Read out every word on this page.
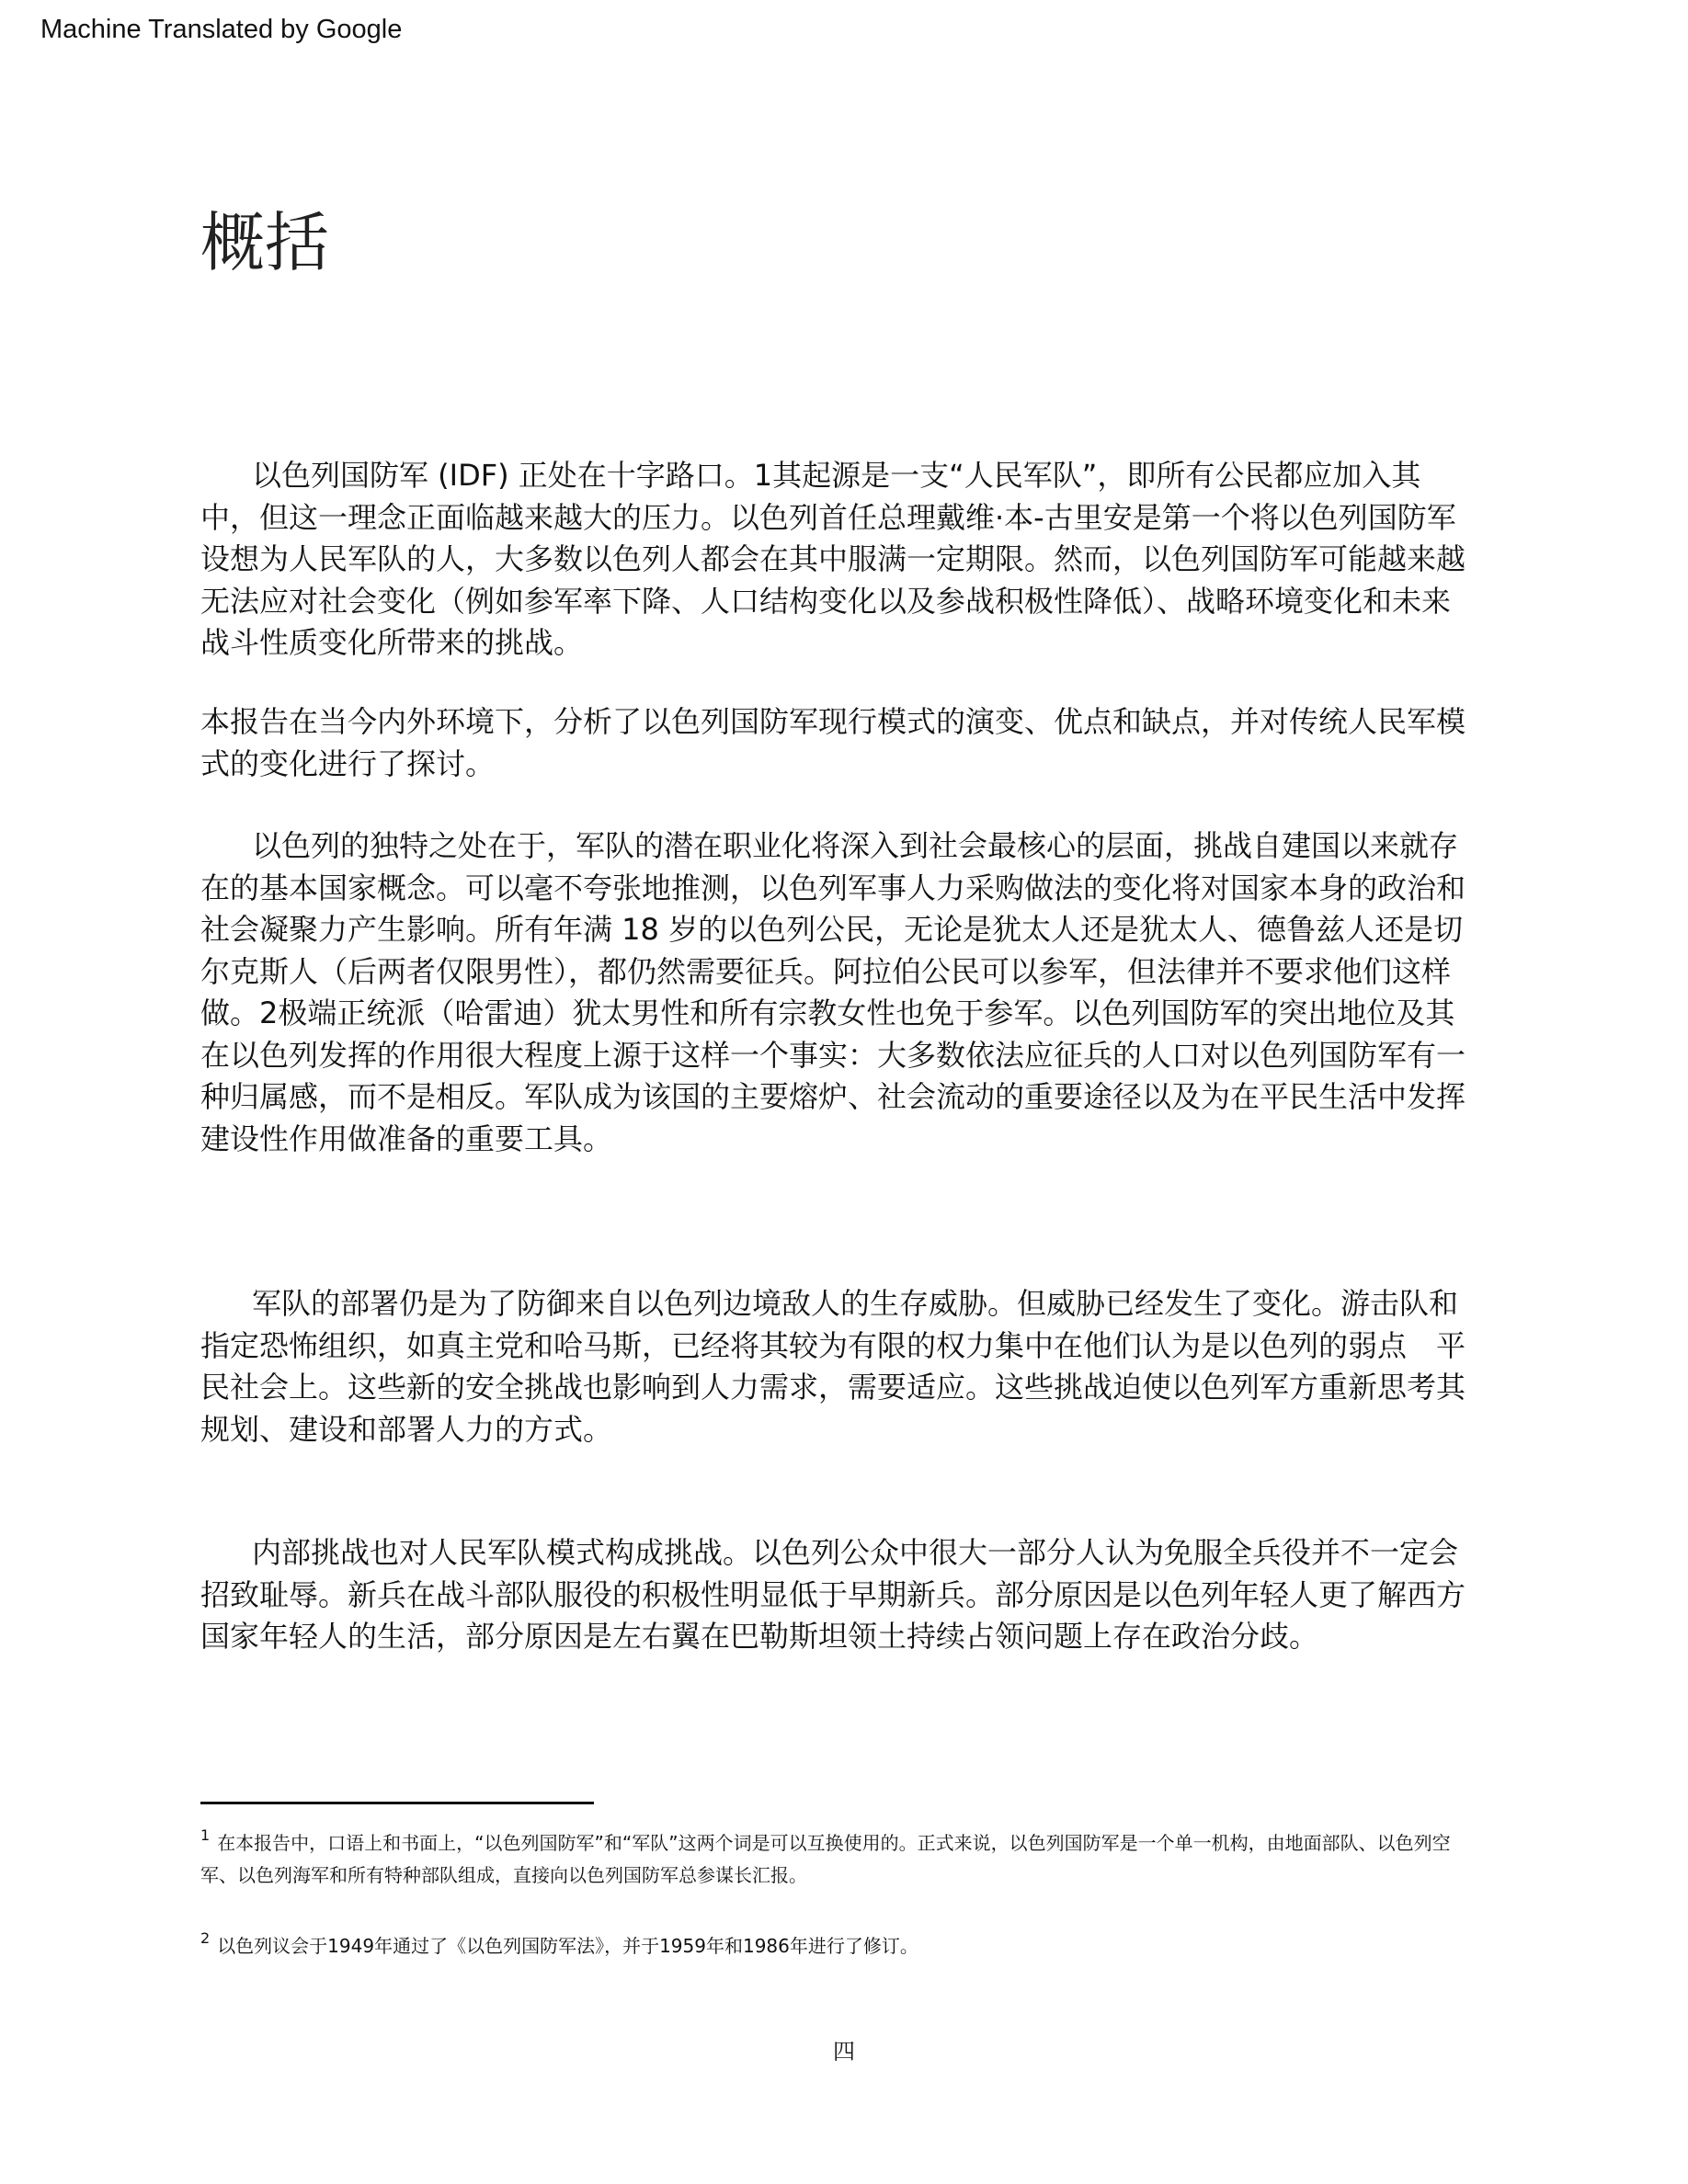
Machine Translated by Google
概括

以色列国防军 (IDF) 正处在十字路口。1其起源是一支“人民军队”，即所有公民都应加入其中，但这一理念正面临越来越大的压力。以色列首任总理戴维·本-古里安是第一个将以色列国防军设想为人民军队的人，大多数以色列人都会在其中服满一定期限。然而，以色列国防军可能越来越无法应对社会变化（例如参军率下降、人口结构变化以及参战积极性降低）、战略环境变化和未来战斗性质变化所带来的挑战。

本报告在当今内外环境下，分析了以色列国防军现行模式的演变、优点和缺点，并对传统人民军模式的变化进行了探讨。

以色列的独特之处在于，军队的潜在职业化将深入到社会最核心的层面，挑战自建国以来就存在的基本国家概念。可以毫不夸张地推测，以色列军事人力采购做法的变化将对国家本身的政治和社会凝聚力产生影响。所有年满 18 岁的以色列公民，无论是犹太人还是犹太人、德鲁兹人还是切尔克斯人（后两者仅限男性），都仍然需要征兵。阿拉伯公民可以参军，但法律并不要求他们这样做。2极端正统派（哈雷迪）犹太男性和所有宗教女性也免于参军。以色列国防军的突出地位及其在以色列发挥的作用很大程度上源于这样一个事实：大多数依法应征兵的人口对以色列国防军有一种归属感，而不是相反。军队成为该国的主要熔炉、社会流动的重要途径以及为在平民生活中发挥建设性作用做准备的重要工具。

军队的部署仍是为了防御来自以色列边境敌人的生存威胁。但威胁已经发生了变化。游击队和指定恐怖组织，如真主党和哈马斯，已经将其较为有限的权力集中在他们认为是以色列的弱点　平民社会上。这些新的安全挑战也影响到人力需求，需要适应。这些挑战迫使以色列军方重新思考其规划、建设和部署人力的方式。

内部挑战也对人民军队模式构成挑战。以色列公众中很大一部分人认为免服全兵役并不一定会招致耻辱。新兵在战斗部队服役的积极性明显低于早期新兵。部分原因是以色列年轻人更了解西方国家年轻人的生活，部分原因是左右翼在巴勒斯坦领土持续占领问题上存在政治分歧。

$^1$ 在本报告中，口语上和书面上，“以色列国防军”和“军队”这两个词是可以互换使用的。正式来说，以色列国防军是一个单一机构，由地面部队、以色列空军、以色列海军和所有特种部队组成，直接向以色列国防军总参谋长汇报。

$^2$ 以色列议会于1949年通过了《以色列国防军法》，并于1959年和1986年进行了修订。

四
